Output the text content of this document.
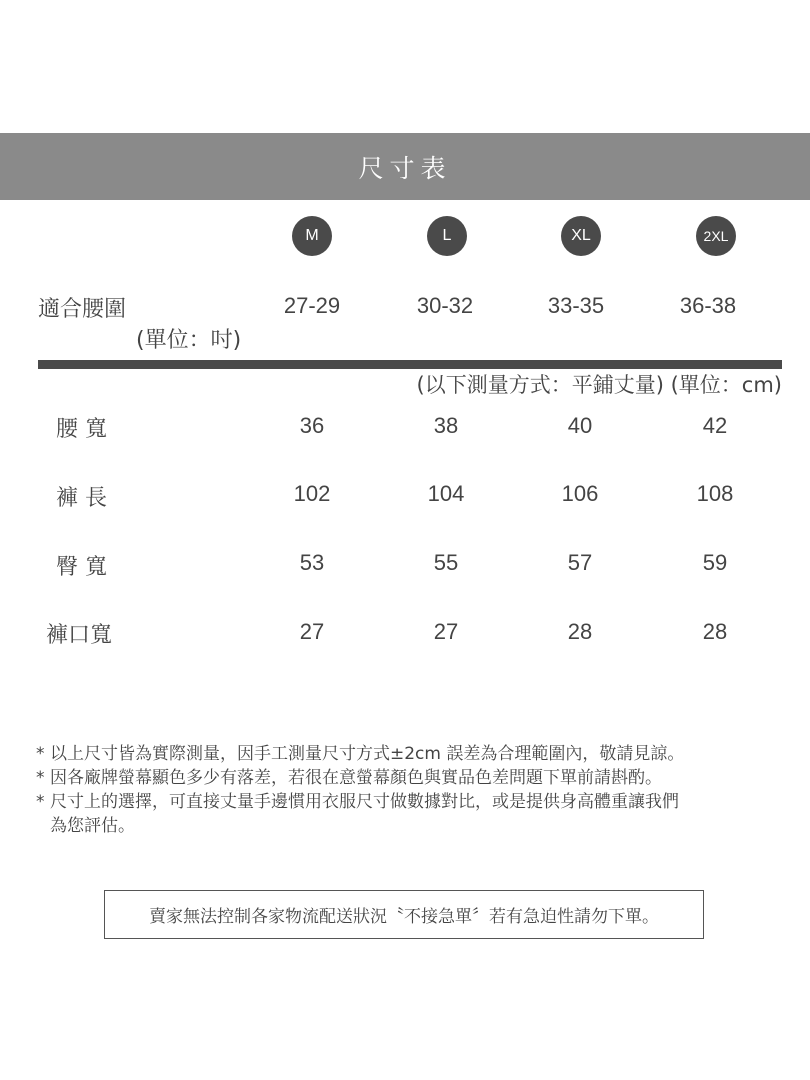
尺寸表
M	L	XL	2XL
適合腰圍
(單位：吋)
27-29	30-32	33-35	36-38
(以下測量方式：平鋪丈量) (單位：cm)
腰 寬	36	38	40	42
褲 長	102	104	106	108
臀 寬	53	55	57	59
褲口寬	27	27	28	28
* 以上尺寸皆為實際測量，因手工測量尺寸方式±2cm 誤差為合理範圍內，敬請見諒。
* 因各廠牌螢幕顯色多少有落差，若很在意螢幕顏色與實品色差問題下單前請斟酌。
* 尺寸上的選擇，可直接丈量手邊慣用衣服尺寸做數據對比，或是提供身高體重讓我們
為您評估。
賣家無法控制各家物流配送狀況〝不接急單〞若有急迫性請勿下單。
